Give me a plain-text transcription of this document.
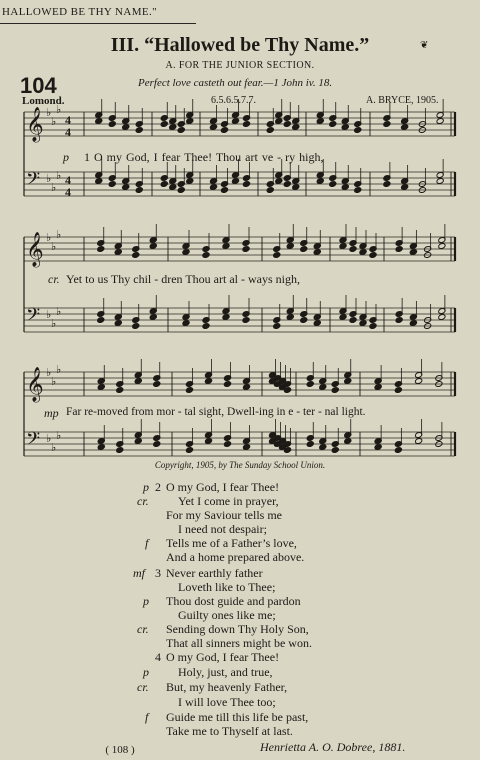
HALLOWED BE THY NAME."
III. “Hallowed be Thy Name.”	❦
A. FOR THE JUNIOR SECTION.
104	Perfect love casteth out fear.—1 John iv. 18.
Lomond.	6.5.6.5.7.7.	A. BRYCE, 1905.
𝄞 ♭
♭
♭
4
4
𝄢 ♭
♭
♭ 4
4
𝄞 ♭
♭
♭
𝄢 ♭
♭
♭
𝄞 ♭
♭
♭
𝄢 ♭
♭
♭
p 1 O my God, I fear Thee! Thou art ve - ry high,
cr. Yet to us Thy chil - dren Thou art al - ways nigh,
mp Far re-moved from mor - tal sight, Dwell-ing in e - ter - nal light.
Copyright, 1905, by The Sunday School Union.
p 2 O my God, I fear Thee!
cr. Yet I come in prayer,
For my Saviour tells me
I need not despair;
f Tells me of a Father’s love,
And a home prepared above.
mf 3 Never earthly father
Loveth like to Thee;
p Thou dost guide and pardon
Guilty ones like me;
cr. Sending down Thy Holy Son,
That all sinners might be won.
4 O my God, I fear Thee!
p Holy, just, and true,
cr. But, my heavenly Father,
f Guide me till this life be past,
Take me to Thyself at last.
I will love Thee too;
( 108 )	Henrietta A. O. Dobree, 1881.
